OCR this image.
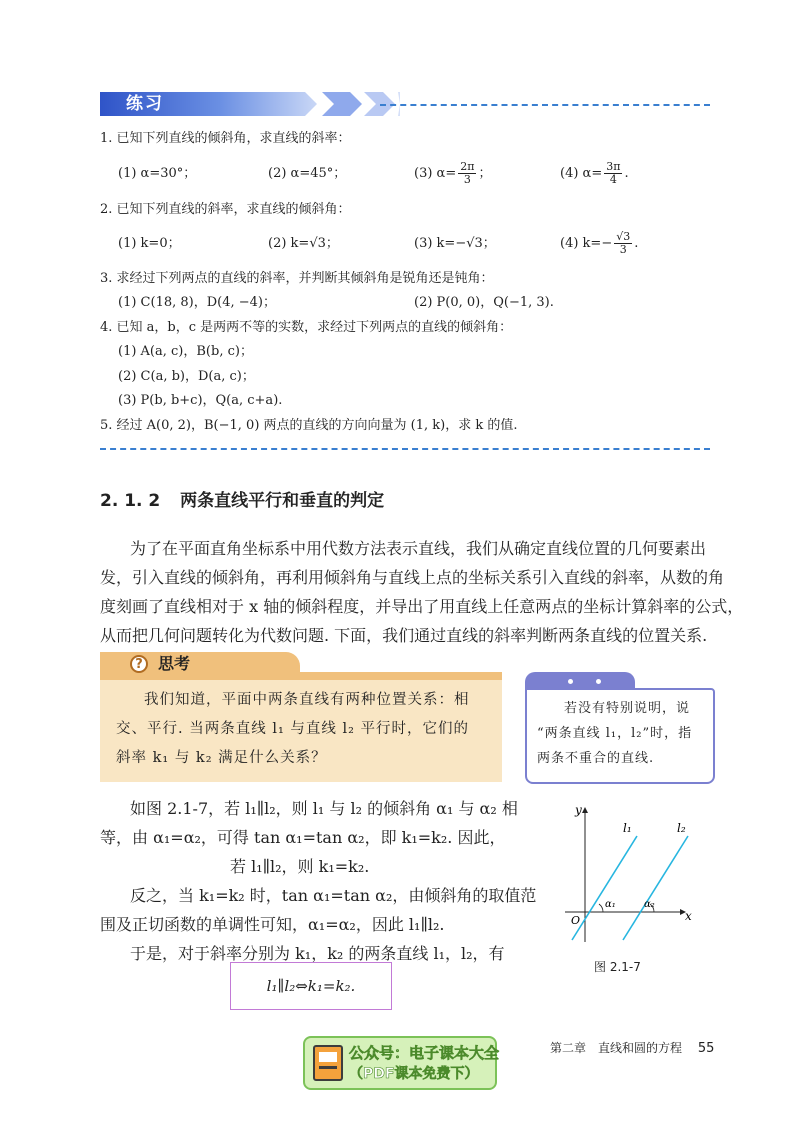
练习
1. 已知下列直线的倾斜角，求直线的斜率：
(1) α=30°；	(2) α=45°；	(3) $\alpha= \frac{2\pi}{3}$ ；	(4) $\alpha= \frac{3\pi}{4}$ .
2. 已知下列直线的斜率，求直线的倾斜角：
(1) k=0；	(2) k=√3；	(3) k=−√3；	(4) $k=- \frac{√3}{3}$ .
3. 求经过下列两点的直线的斜率，并判断其倾斜角是锐角还是钝角：
(1) C(18, 8)，D(4, −4)；	(2) P(0, 0)，Q(−1, 3).
4. 已知 a，b，c 是两两不等的实数，求经过下列两点的直线的倾斜角：
(1) A(a, c)，B(b, c)；
(2) C(a, b)，D(a, c)；
(3) P(b, b+c)，Q(a, c+a).
5. 经过 A(0, 2)，B(−1, 0) 两点的直线的方向向量为 (1, k)，求 k 的值.
2. 1. 2 两条直线平行和垂直的判定
为了在平面直角坐标系中用代数方法表示直线，我们从确定直线位置的几何要素出
发，引入直线的倾斜角，再利用倾斜角与直线上点的坐标关系引入直线的斜率，从数的角
度刻画了直线相对于 x 轴的倾斜程度，并导出了用直线上任意两点的坐标计算斜率的公式，
从而把几何问题转化为代数问题. 下面，我们通过直线的斜率判断两条直线的位置关系.
? 思考
我们知道，平面中两条直线有两种位置关系：相
交、平行. 当两条直线 l₁ 与直线 l₂ 平行时，它们的
斜率 k₁ 与 k₂ 满足什么关系？
若没有特别说明，说
“两条直线 l₁，l₂”时，指
两条不重合的直线.
如图 2.1-7，若 l₁∥l₂，则 l₁ 与 l₂ 的倾斜角 α₁ 与 α₂ 相
等，由 α₁=α₂，可得 tan α₁=tan α₂，即 k₁=k₂. 因此，
若 l₁∥l₂，则 k₁=k₂.
反之，当 k₁=k₂ 时，tan α₁=tan α₂，由倾斜角的取值范
围及正切函数的单调性可知，α₁=α₂，因此 l₁∥l₂.
于是，对于斜率分别为 k₁，k₂ 的两条直线 l₁，l₂，有
l₁∥l₂⇔k₁=k₂.
y
x
O
l₁	l₂
α₁	α₂
图 2.1-7
第二章　直线和圆的方程 55
公众号：电子课本大全
（PDF课本免费下）
